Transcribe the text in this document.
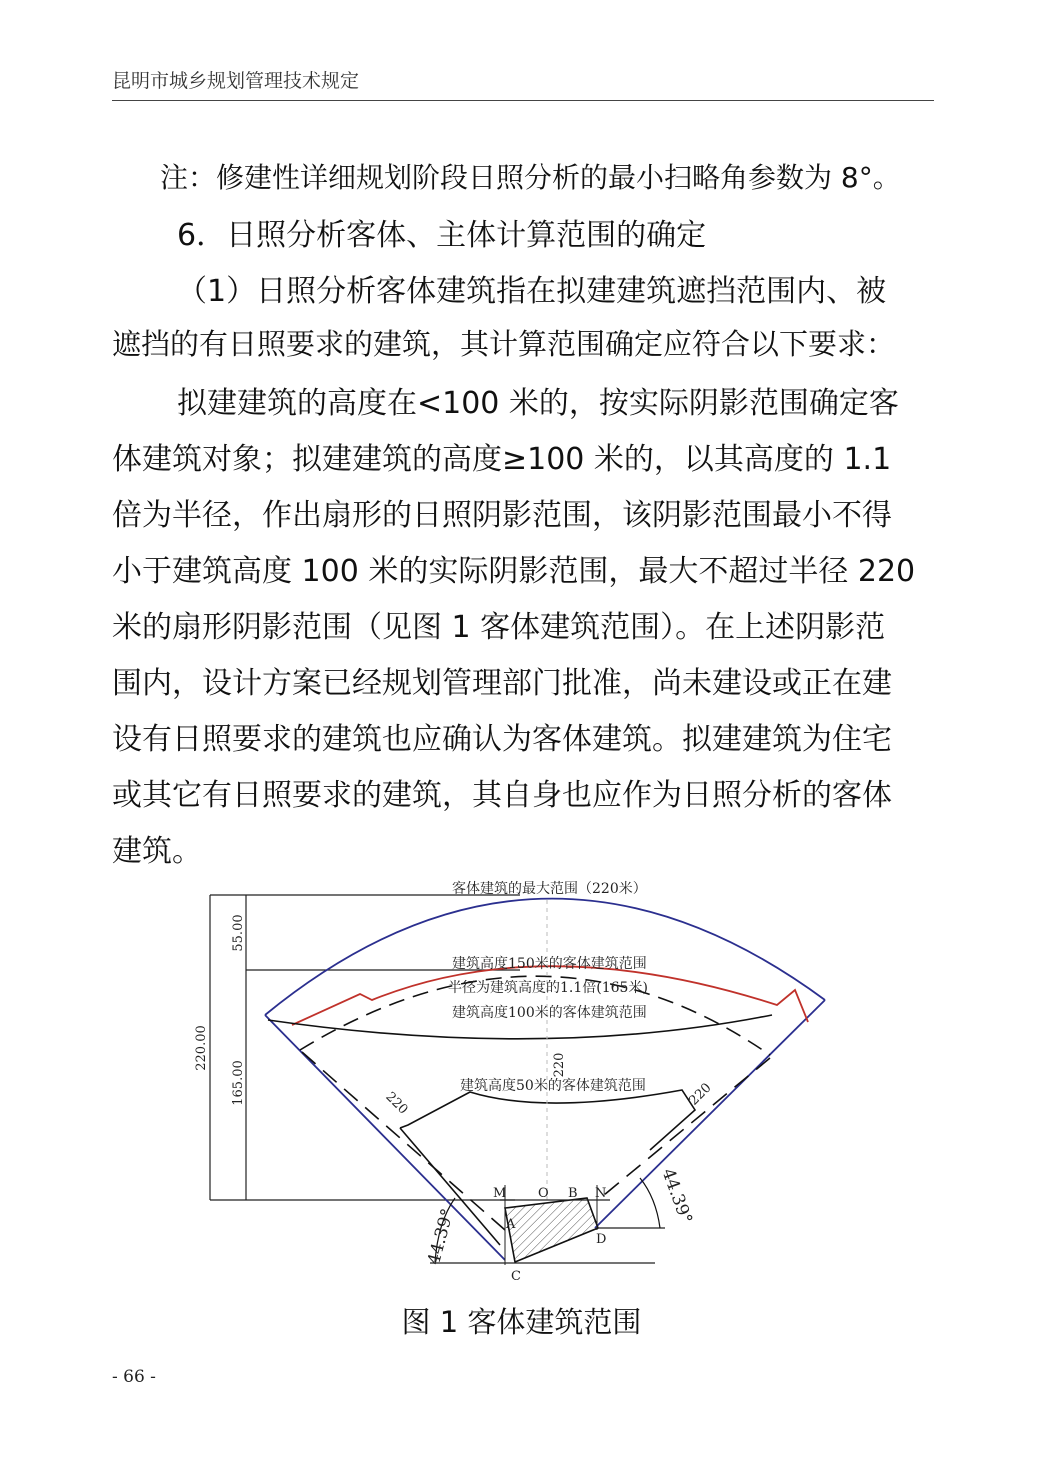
昆明市城乡规划管理技术规定
注：修建性详细规划阶段日照分析的最小扫略角参数为 8°。
6．日照分析客体、主体计算范围的确定
（1）日照分析客体建筑指在拟建建筑遮挡范围内、被
遮挡的有日照要求的建筑，其计算范围确定应符合以下要求：
拟建建筑的高度在<100 米的，按实际阴影范围确定客
体建筑对象；拟建建筑的高度≥100 米的，以其高度的 1.1
倍为半径，作出扇形的日照阴影范围，该阴影范围最小不得
小于建筑高度 100 米的实际阴影范围，最大不超过半径 220
米的扇形阴影范围（见图 1 客体建筑范围）。在上述阴影范
围内，设计方案已经规划管理部门批准，尚未建设或正在建
设有日照要求的建筑也应确认为客体建筑。拟建建筑为住宅
或其它有日照要求的建筑，其自身也应作为日照分析的客体
建筑。
客体建筑的最大范围（220米）
建筑高度150米的客体建筑范围
半径为建筑高度的1.1倍(165米)
建筑高度100米的客体建筑范围
建筑高度50米的客体建筑范围
220.00
55.00
165.00	220
220	220
44.39°
44.39°
M O B N
A
C
D
图 1 客体建筑范围
- 66 -
